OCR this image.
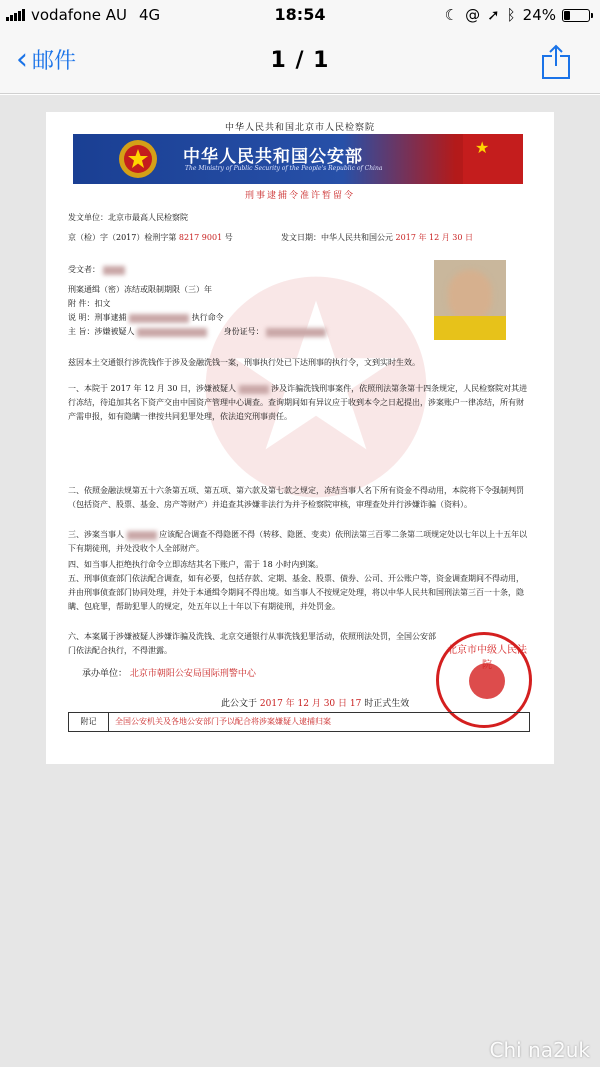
vodafone AU 4G	18:54	☾ @ ➚ ᛒ 24%
‹ 邮件	1 / 1
中华人民共和国北京市人民检察院
中华人民共和国公安部
The Ministry of Public Security of the People's Republic of China
★
刑事逮捕令准许暂留令
发文单位：北京市最高人民检察院
京（检）字（2017）检刑字第 8217 9001 号	发文日期：中华人民共和国公元 2017 年 12 月 30 日
受文者：
刑案通缉（密）冻结或限制期限（三）年
附 件：扣文
说 明：刑事逮捕	执行命令
主 旨：涉嫌被疑人	身份证号：
兹因本土交通银行涉洗钱作于涉及金融洗钱一案，刑事执行处已下达刑事的执行令，文到实时生效。
一、本院于 2017 年 12 月 30 日，涉嫌被疑人	涉及诈骗洗钱刑事案件，依照刑法第条第十四条规定，人民检察院对其进行冻结，待追加其名下资产交由中国资产管理中心调查。查询期间如有异议应于收到本令之日起提出，涉案账户一律冻结，所有财产需申报，如有隐瞒一律按共同犯罪处理，依法追究刑事责任。
二、依照金融法规第五十六条第五项、第五项、第六款及第七款之规定，冻结当事人名下所有资金不得动用，本院将下令强制判罚（包括资产、股票、基金、房产等财产）并追查其涉嫌非法行为并予检察院审核，审理查处并行涉嫌诈骗（资料）。
三、涉案当事人	应该配合调查不得隐匿不得（转移、隐匿、变卖）依刑法第三百零二条第二项规定处以七年以上十五年以下有期徒刑，并处没收个人全部财产。
四、如当事人拒绝执行命令立即冻结其名下账户，需于 18 小时内到案。
五、刑事侦查部门依法配合调查，如有必要，包括存款、定期、基金、股票、债券、公司、开公账户等，资金调查期间不得动用，并由刑事侦查部门协同处理，并处于本通缉令期间不得出境。如当事人不按规定处理，将以中华人民共和国刑法第三百一十条，隐瞒、包庇罪，帮助犯罪人的规定，处五年以上十年以下有期徒刑，并处罚金。
六、本案属于涉嫌被疑人涉嫌诈骗及洗钱、北京交通银行从事洗钱犯罪活动，依照刑法处罚，全国公安部门依法配合执行，不得泄露。
承办单位： 北京市朝阳公安局国际刑警中心
此公文于 2017 年 12 月 30 日 17 时正式生效
北京市中级人民法
附记	全国公安机关及各地公安部门予以配合将涉案嫌疑人逮捕归案
Chi na2uk
